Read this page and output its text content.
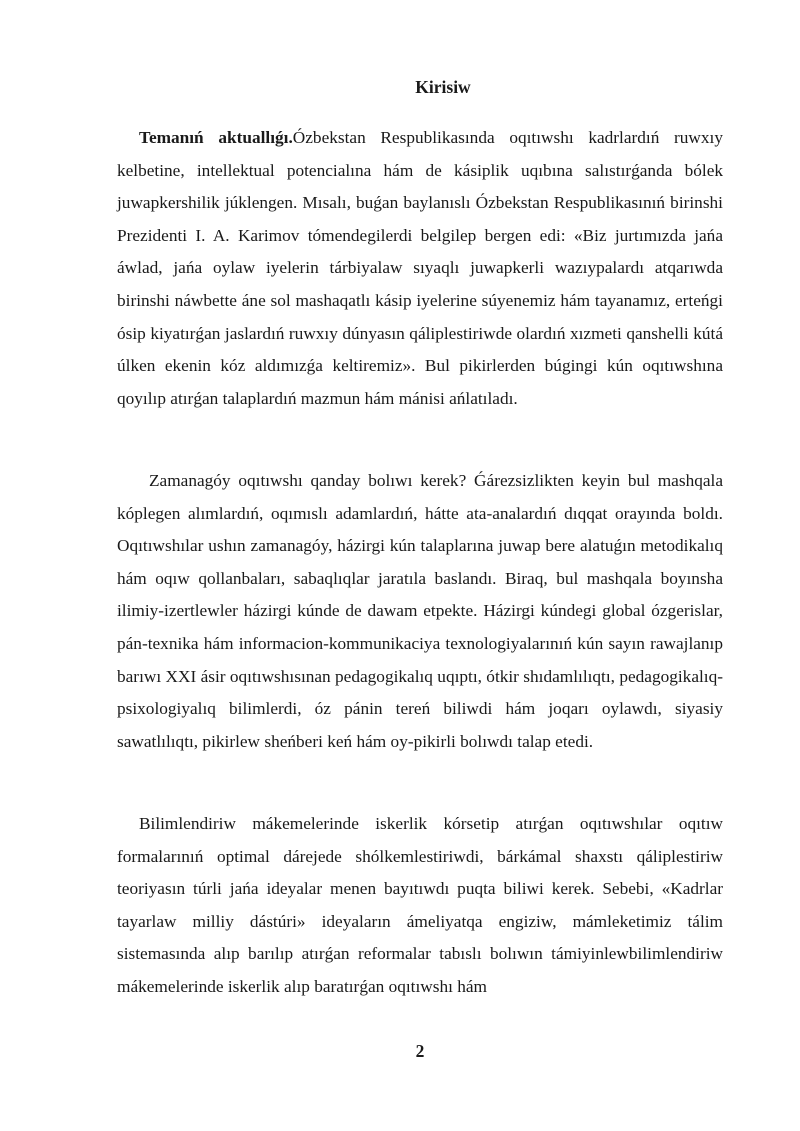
Kirisiw

Temanıń aktuallıǵı.Ózbekstan Respublikasında oqıtıwshı kadrlardıń ruwxıy kelbetine, intellektual potencialına hám de kásiplik uqıbına salıstırǵanda bólek juwapkershilik júklengen. Mısalı, buǵan baylanıslı Ózbekstan Respublikasınıń birinshi Prezidenti I. A. Karimov tómendegilerdi belgilep bergen edi: «Biz jurtımızda jańa áwlad, jańa oylaw iyelerin tárbiyalaw sıyaqlı juwapkerli wazıypalardı atqarıwda birinshi náwbette áne sol mashaqatlı kásip iyelerine súyenemiz hám tayanamız, erteńgi ósip kiyatırǵan jaslardıń ruwxıy dúnyasın qáliplestiriwde olardıń xızmeti qanshelli kútá úlken ekenin kóz aldımızǵa keltiremiz». Bul pikirlerden búgingi kún oqıtıwshına qoyılıp atırǵan talaplardıń mazmun hám mánisi ańlatıladı.

Zamanagóy oqıtıwshı qanday bolıwı kerek? Ǵárezsizlikten keyin bul mashqala kóplegen alımlardıń, oqımıslı adamlardıń, hátte ata-analardıń dıqqat orayında boldı. Oqıtıwshılar ushın zamanagóy, házirgi kún talaplarına juwap bere alatuǵın metodikalıq hám oqıw qollanbaları, sabaqlıqlar jaratıla baslandı. Biraq, bul mashqala boyınsha ilimiy-izertlewler házirgi kúnde de dawam etpekte. Házirgi kúndegi global ózgerislar, pán-texnika hám informacion-kommunikaciya texnologiyalarınıń kún sayın rawajlanıp barıwı XXI ásir oqıtıwshısınan pedagogikalıq uqıptı, ótkir shıdamlılıqtı, pedagogikalıq-psixologiyalıq bilimlerdi, óz pánin tereń biliwdi hám joqarı oylawdı, siyasiy sawatlılıqtı, pikirlew sheńberi keń hám oy-pikirli bolıwdı talap etedi.

Bilimlendiriw mákemelerinde iskerlik kórsetip atırǵan oqıtıwshılar oqıtıw formalarınıń optimal dárejede shólkemlestiriwdi, bárkámal shaxstı qáliplestiriw teoriyasın túrli jańa ideyalar menen bayıtıwdı puqta biliwi kerek. Sebebi, «Kadrlar tayarlaw milliy dástúri» ideyaların ámeliyatqa engiziw, mámleketimiz tálim sistemasında alıp barılıp atırǵan reformalar tabıslı bolıwın támiyinlewbilimlendiriw mákemelerinde iskerlik alıp baratırǵan oqıtıwshı hám

2
